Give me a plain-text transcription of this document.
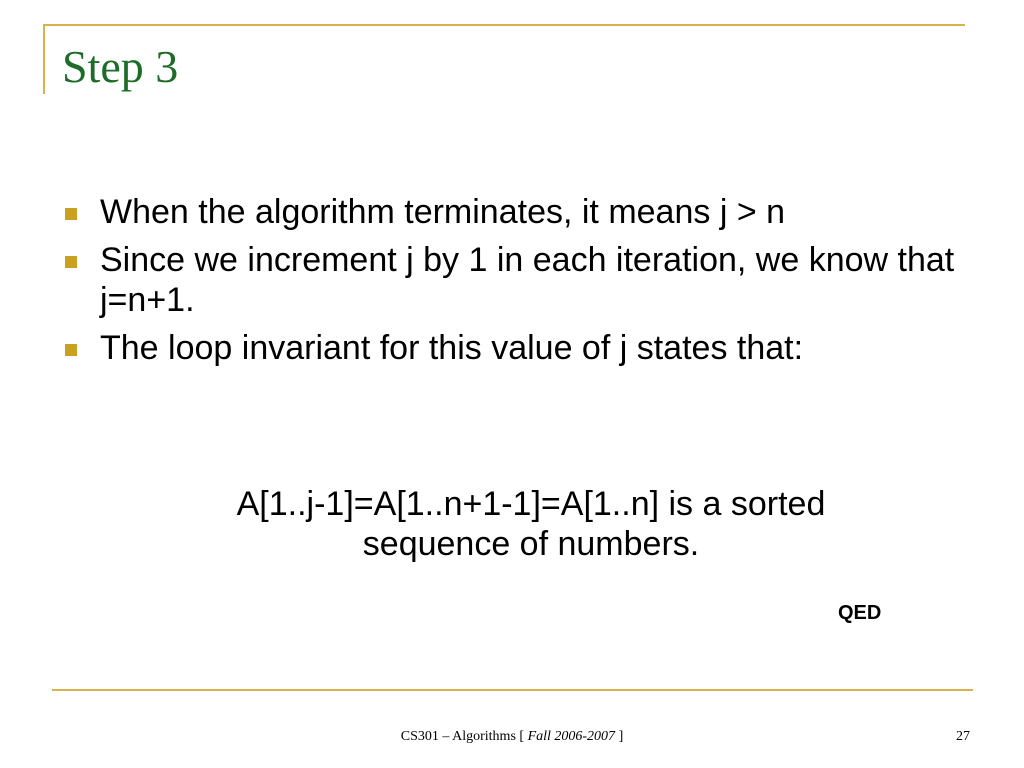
Step 3
When the algorithm terminates, it means j > n
Since we increment j by 1 in each iteration, we know that j=n+1.
The loop invariant for this value of j states that:
A[1..j-1]=A[1..n+1-1]=A[1..n] is a sorted
sequence of numbers.
QED
CS301 – Algorithms [ Fall 2006-2007 ]	27
